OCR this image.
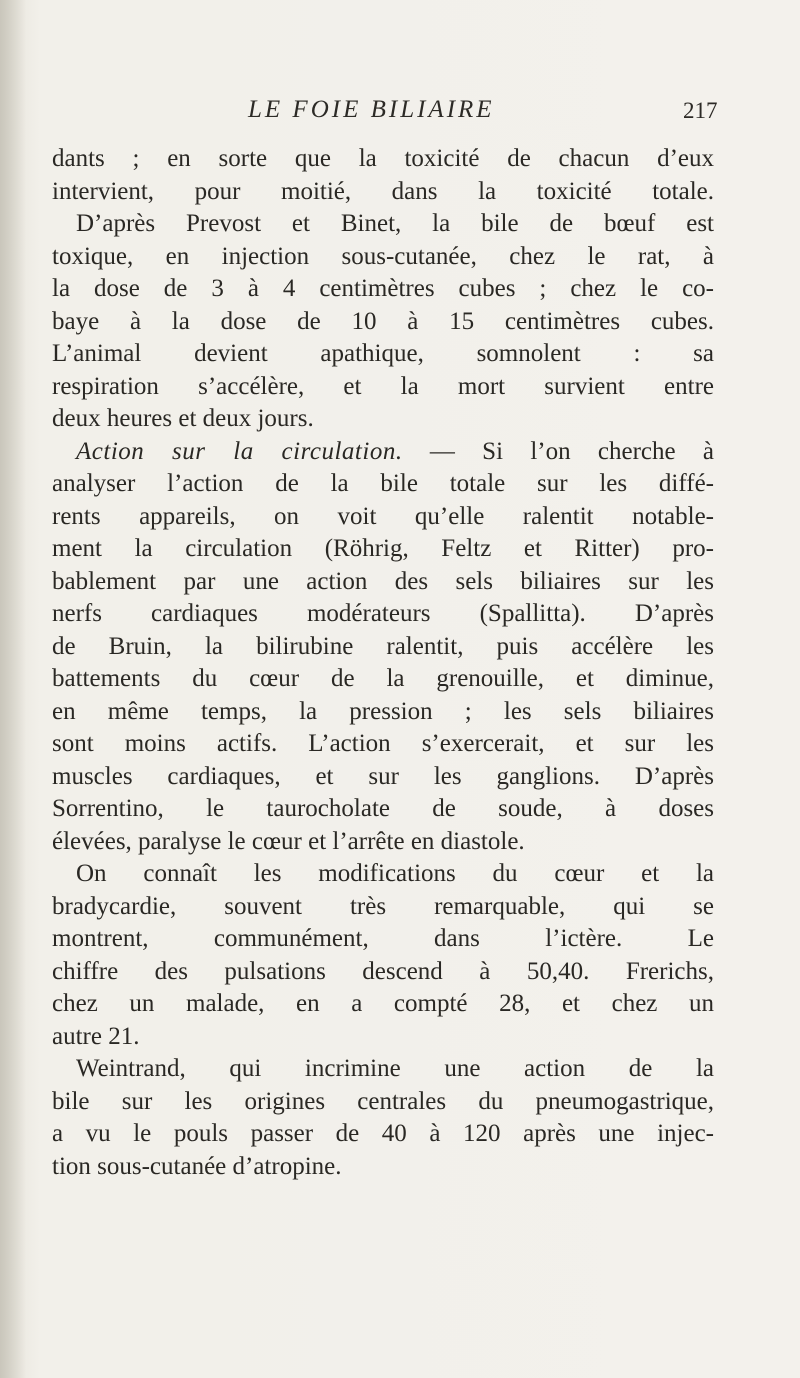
LE FOIE BILIAIRE	217
dants ; en sorte que la toxicité de chacun d’eux
intervient, pour moitié, dans la toxicité totale.
D’après Prevost et Binet, la bile de bœuf est
toxique, en injection sous-cutanée, chez le rat, à
la dose de 3 à 4 centimètres cubes ; chez le co-
baye à la dose de 10 à 15 centimètres cubes.
L’animal devient apathique, somnolent : sa
respiration s’accélère, et la mort survient entre
deux heures et deux jours.
Action sur la circulation. — Si l’on cherche à
analyser l’action de la bile totale sur les diffé-
rents appareils, on voit qu’elle ralentit notable-
ment la circulation (Röhrig, Feltz et Ritter) pro-
bablement par une action des sels biliaires sur les
nerfs cardiaques modérateurs (Spallitta). D’après
de Bruin, la bilirubine ralentit, puis accélère les
battements du cœur de la grenouille, et diminue,
en même temps, la pression ; les sels biliaires
sont moins actifs. L’action s’exercerait, et sur les
muscles cardiaques, et sur les ganglions. D’après
Sorrentino, le taurocholate de soude, à doses
élevées, paralyse le cœur et l’arrête en diastole.
On connaît les modifications du cœur et la
bradycardie, souvent très remarquable, qui se
montrent, communément, dans l’ictère. Le
chiffre des pulsations descend à 50,40. Frerichs,
chez un malade, en a compté 28, et chez un
autre 21.
Weintrand, qui incrimine une action de la
bile sur les origines centrales du pneumogastrique,
a vu le pouls passer de 40 à 120 après une injec-
tion sous-cutanée d’atropine.
